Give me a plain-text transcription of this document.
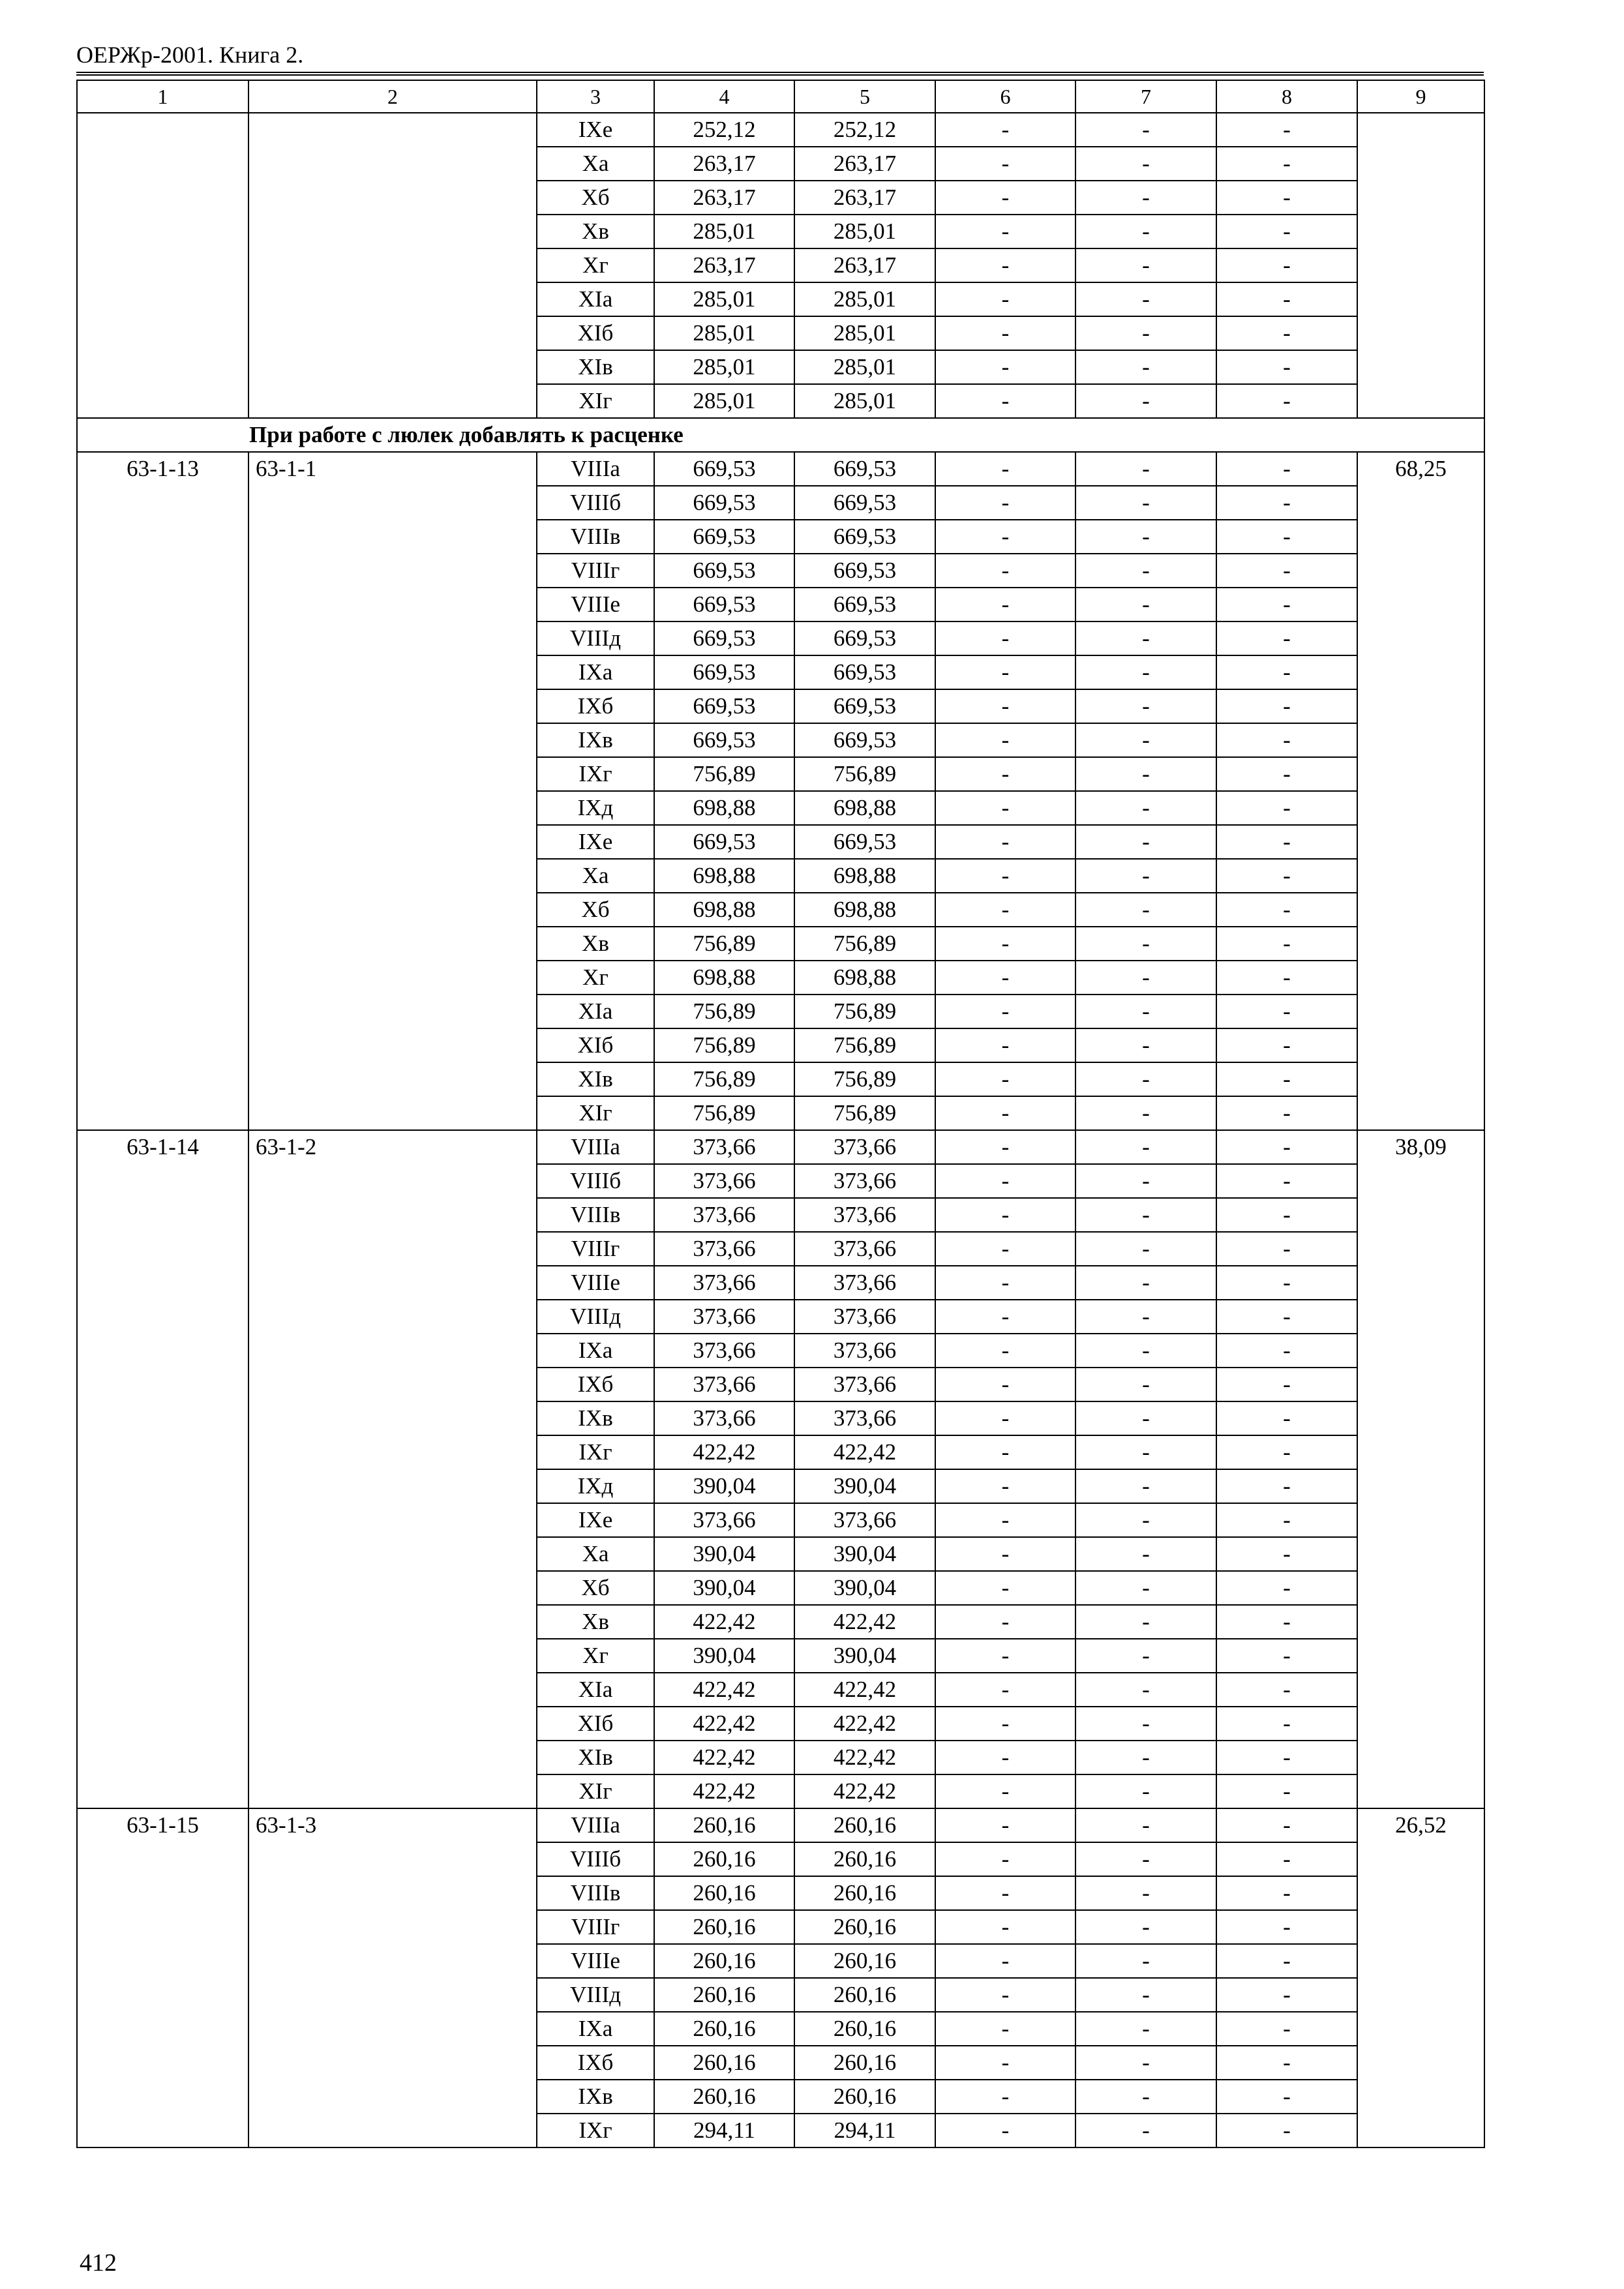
ОЕРЖр-2001. Книга 2.
1	2	3	4	5	6	7	8	9
		IXe	252,12	252,12	-	-	-	
		Xa	263,17	263,17	-	-	-	
		Xб	263,17	263,17	-	-	-	
		Xв	285,01	285,01	-	-	-	
		Xг	263,17	263,17	-	-	-	
		XIa	285,01	285,01	-	-	-	
		XIб	285,01	285,01	-	-	-	
		XIв	285,01	285,01	-	-	-	
		XIг	285,01	285,01	-	-	-	
При работе с люлек добавлять к расценке								
63-1-13	63-1-1	VIIIa	669,53	669,53	-	-	-	68,25
		VIIIб	669,53	669,53	-	-	-	
		VIIIв	669,53	669,53	-	-	-	
		VIIIг	669,53	669,53	-	-	-	
		VIIIe	669,53	669,53	-	-	-	
		VIIIд	669,53	669,53	-	-	-	
		IXa	669,53	669,53	-	-	-	
		IXб	669,53	669,53	-	-	-	
		IXв	669,53	669,53	-	-	-	
		IXг	756,89	756,89	-	-	-	
		IXд	698,88	698,88	-	-	-	
		IXe	669,53	669,53	-	-	-	
		Xa	698,88	698,88	-	-	-	
		Xб	698,88	698,88	-	-	-	
		Xв	756,89	756,89	-	-	-	
		Xг	698,88	698,88	-	-	-	
		XIa	756,89	756,89	-	-	-	
		XIб	756,89	756,89	-	-	-	
		XIв	756,89	756,89	-	-	-	
		XIг	756,89	756,89	-	-	-	
63-1-14	63-1-2	VIIIa	373,66	373,66	-	-	-	38,09
		VIIIб	373,66	373,66	-	-	-	
		VIIIв	373,66	373,66	-	-	-	
		VIIIг	373,66	373,66	-	-	-	
		VIIIe	373,66	373,66	-	-	-	
		VIIIд	373,66	373,66	-	-	-	
		IXa	373,66	373,66	-	-	-	
		IXб	373,66	373,66	-	-	-	
		IXв	373,66	373,66	-	-	-	
		IXг	422,42	422,42	-	-	-	
		IXд	390,04	390,04	-	-	-	
		IXe	373,66	373,66	-	-	-	
		Xa	390,04	390,04	-	-	-	
		Xб	390,04	390,04	-	-	-	
		Xв	422,42	422,42	-	-	-	
		Xг	390,04	390,04	-	-	-	
		XIa	422,42	422,42	-	-	-	
		XIб	422,42	422,42	-	-	-	
		XIв	422,42	422,42	-	-	-	
		XIг	422,42	422,42	-	-	-	
63-1-15	63-1-3	VIIIa	260,16	260,16	-	-	-	26,52
		VIIIб	260,16	260,16	-	-	-	
		VIIIв	260,16	260,16	-	-	-	
		VIIIг	260,16	260,16	-	-	-	
		VIIIe	260,16	260,16	-	-	-	
		VIIIд	260,16	260,16	-	-	-	
		IXa	260,16	260,16	-	-	-	
		IXб	260,16	260,16	-	-	-	
		IXв	260,16	260,16	-	-	-	
		IXг	294,11	294,11	-	-	-	
412
